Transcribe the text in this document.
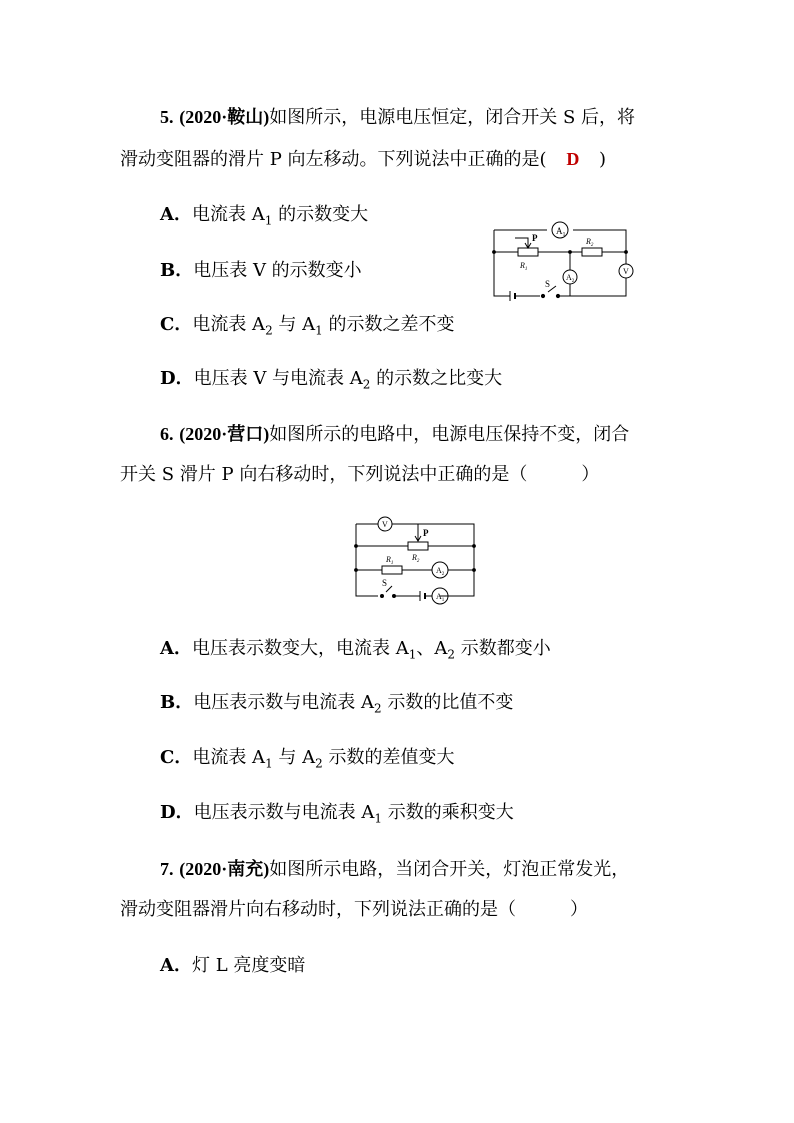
5. (2020·鞍山)如图所示，电源电压恒定，闭合开关 S 后，将
滑动变阻器的滑片 P 向左移动。下列说法中正确的是( D )
A．电流表 $A_1$ 的示数变大
B．电压表 V 的示数变小
C．电流表 $A_2$ 与 $A_1$ 的示数之差不变
D．电压表 V 与电流表 $A_2$ 的示数之比变大
$A_1$
P
$R_1$
$R_2$
$A_2$
V
S
6. (2020·营口)如图所示的电路中，电源电压保持不变，闭合
开关 S 滑片 P 向右移动时，下列说法中正确的是（　　　）
V
P
$R_2$
$R_1$
$A_2$
$A_1$
S
A．电压表示数变大，电流表 $A_1$、$A_2$ 示数都变小
B．电压表示数与电流表 $A_2$ 示数的比值不变
C．电流表 $A_1$ 与 $A_2$ 示数的差值变大
D．电压表示数与电流表 $A_1$ 示数的乘积变大
7. (2020·南充)如图所示电路，当闭合开关，灯泡正常发光，
滑动变阻器滑片向右移动时，下列说法正确的是（　　　）
A．灯 L 亮度变暗
